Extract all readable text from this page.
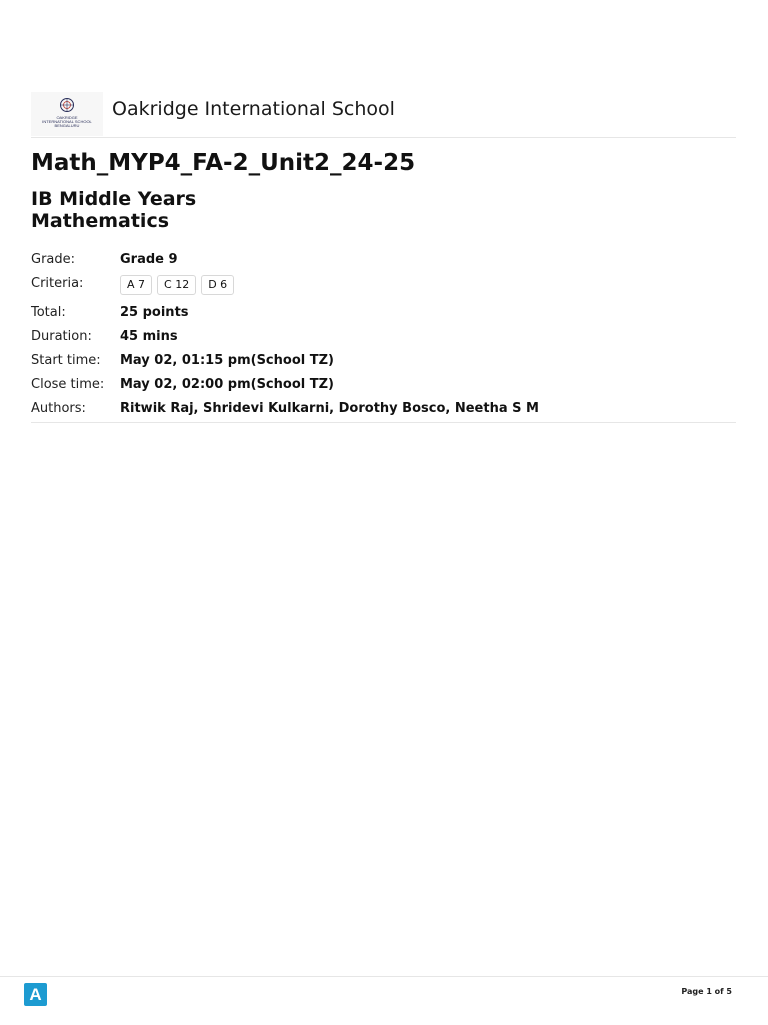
OAKRIDGE
INTERNATIONAL SCHOOL
BENGALURU
Oakridge International School
Math_MYP4_FA-2_Unit2_24-25
IB Middle Years
Mathematics
Grade:	Grade 9
Criteria:	A 7 C 12 D 6
Total:	25 points
Duration: 45 mins
Start time: May 02, 01:15 pm(School TZ)
Close time: May 02, 02:00 pm(School TZ)
Authors:	Ritwik Raj, Shridevi Kulkarni, Dorothy Bosco, Neetha S M
A	Page 1 of 5
